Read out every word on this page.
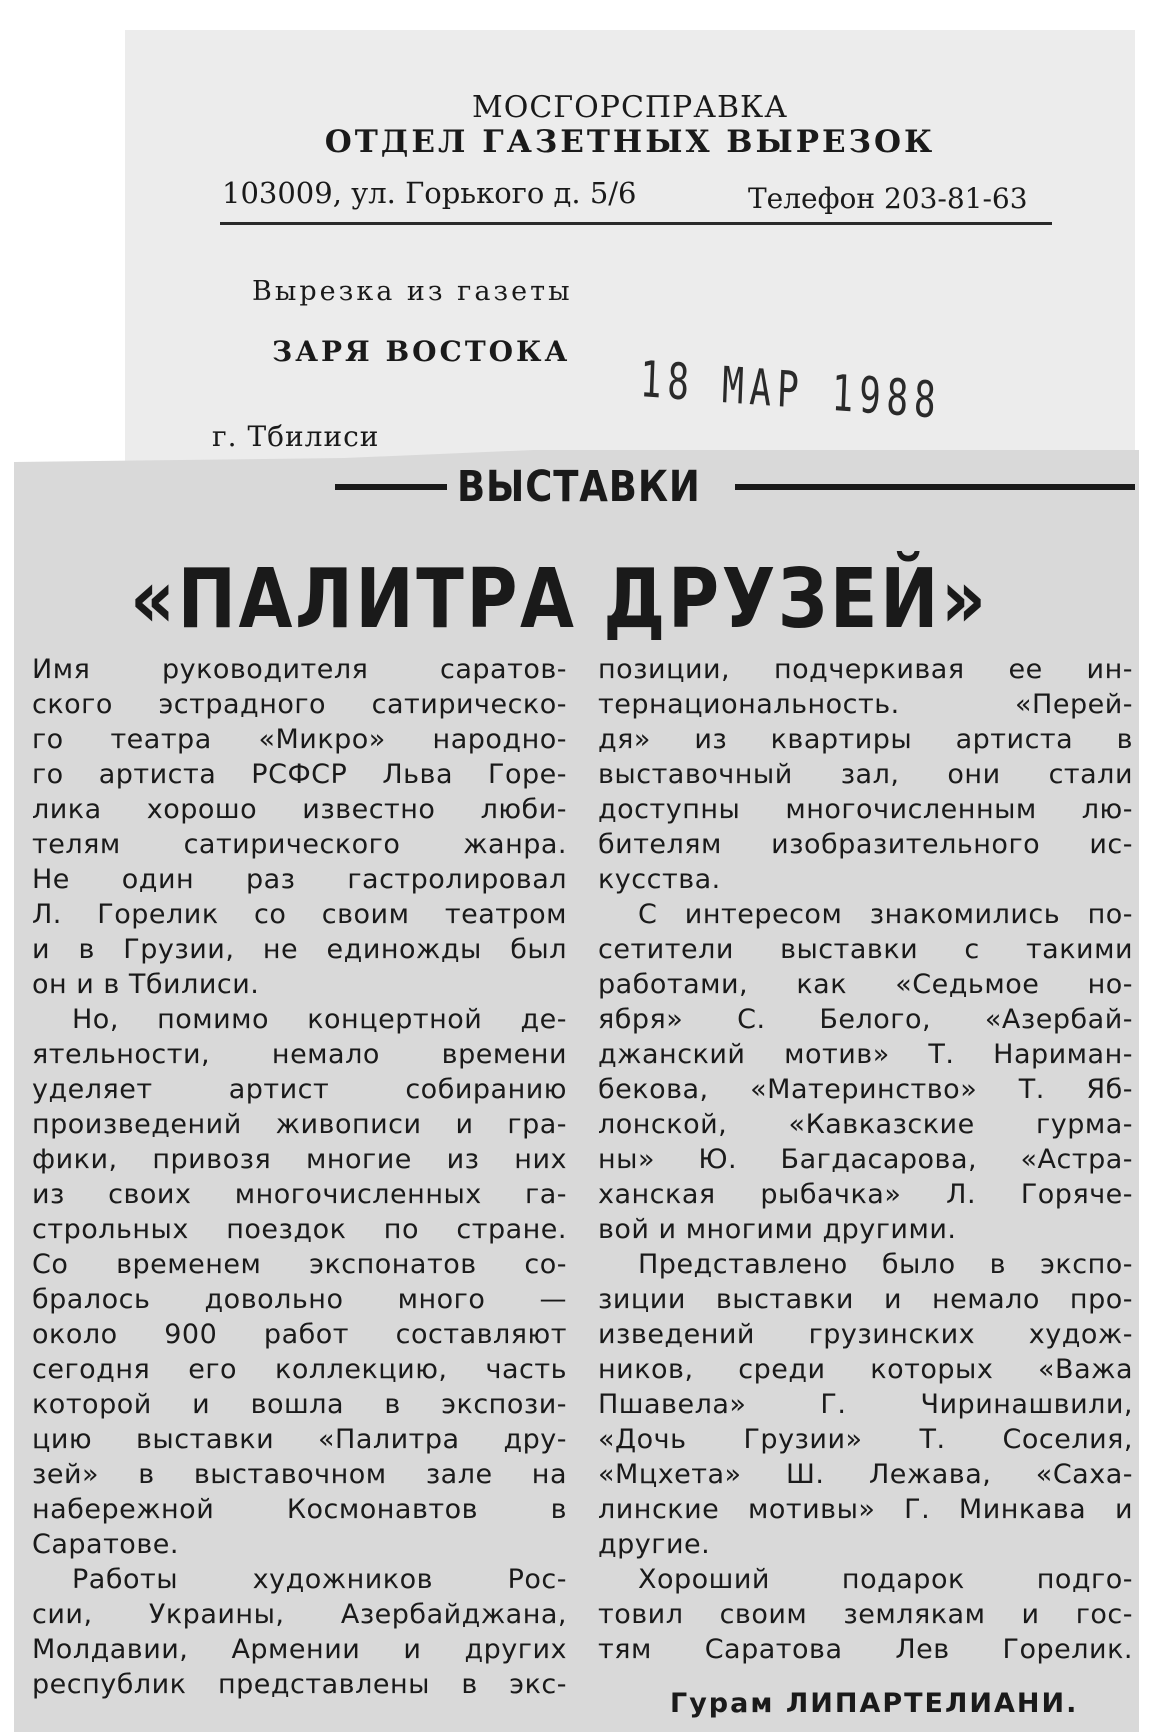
МОСГОРСПРАВКА
ОТДЕЛ ГАЗЕТНЫХ ВЫРЕЗОК
103009, ул. Горького д. 5/6	Телефон 203-81-63
Вырезка из газеты
ЗАРЯ ВОСТОКА
г. Тбилиси
18 МАР 1988
ВЫСТАВКИ
«ПАЛИТРА ДРУЗЕЙ»
Имя руководителя саратов-
ского эстрадного сатирическо-
го театра «Микро» народно-
го артиста РСФСР Льва Горе-
лика хорошо известно люби-
телям сатирического жанра.
Не один раз гастролировал
Л. Горелик со своим театром
и в Грузии, не единожды был
он и в Тбилиси.
Но, помимо концертной де-
ятельности, немало времени
уделяет артист собиранию
произведений живописи и гра-
фики, привозя многие из них
из своих многочисленных га-
строльных поездок по стране.
Со временем экспонатов со-
бралось довольно много —
около 900 работ составляют
сегодня его коллекцию, часть
которой и вошла в экспози-
цию выставки «Палитра дру-
зей» в выставочном зале на
набережной Космонавтов в
Саратове.
Работы художников Рос-
сии, Украины, Азербайджана,
Молдавии, Армении и других
республик представлены в экс-
позиции, подчеркивая ее ин-
тернациональность. «Перей-
дя» из квартиры артиста в
выставочный зал, они стали
доступны многочисленным лю-
бителям изобразительного ис-
кусства.
С интересом знакомились по-
сетители выставки с такими
работами, как «Седьмое но-
ября» С. Белого, «Азербай-
джанский мотив» Т. Нариман-
бекова, «Материнство» Т. Яб-
лонской, «Кавказские гурма-
ны» Ю. Багдасарова, «Астра-
ханская рыбачка» Л. Горяче-
вой и многими другими.
Представлено было в экспо-
зиции выставки и немало про-
изведений грузинских худож-
ников, среди которых «Важа
Пшавела» Г. Чиринашвили,
«Дочь Грузии» Т. Соселия,
«Мцхета» Ш. Лежава, «Саха-
линские мотивы» Г. Минкава и
другие.
Хороший подарок подго-
товил своим землякам и гос-
тям Саратова Лев Горелик.
Гурам ЛИПАРТЕЛИАНИ.
